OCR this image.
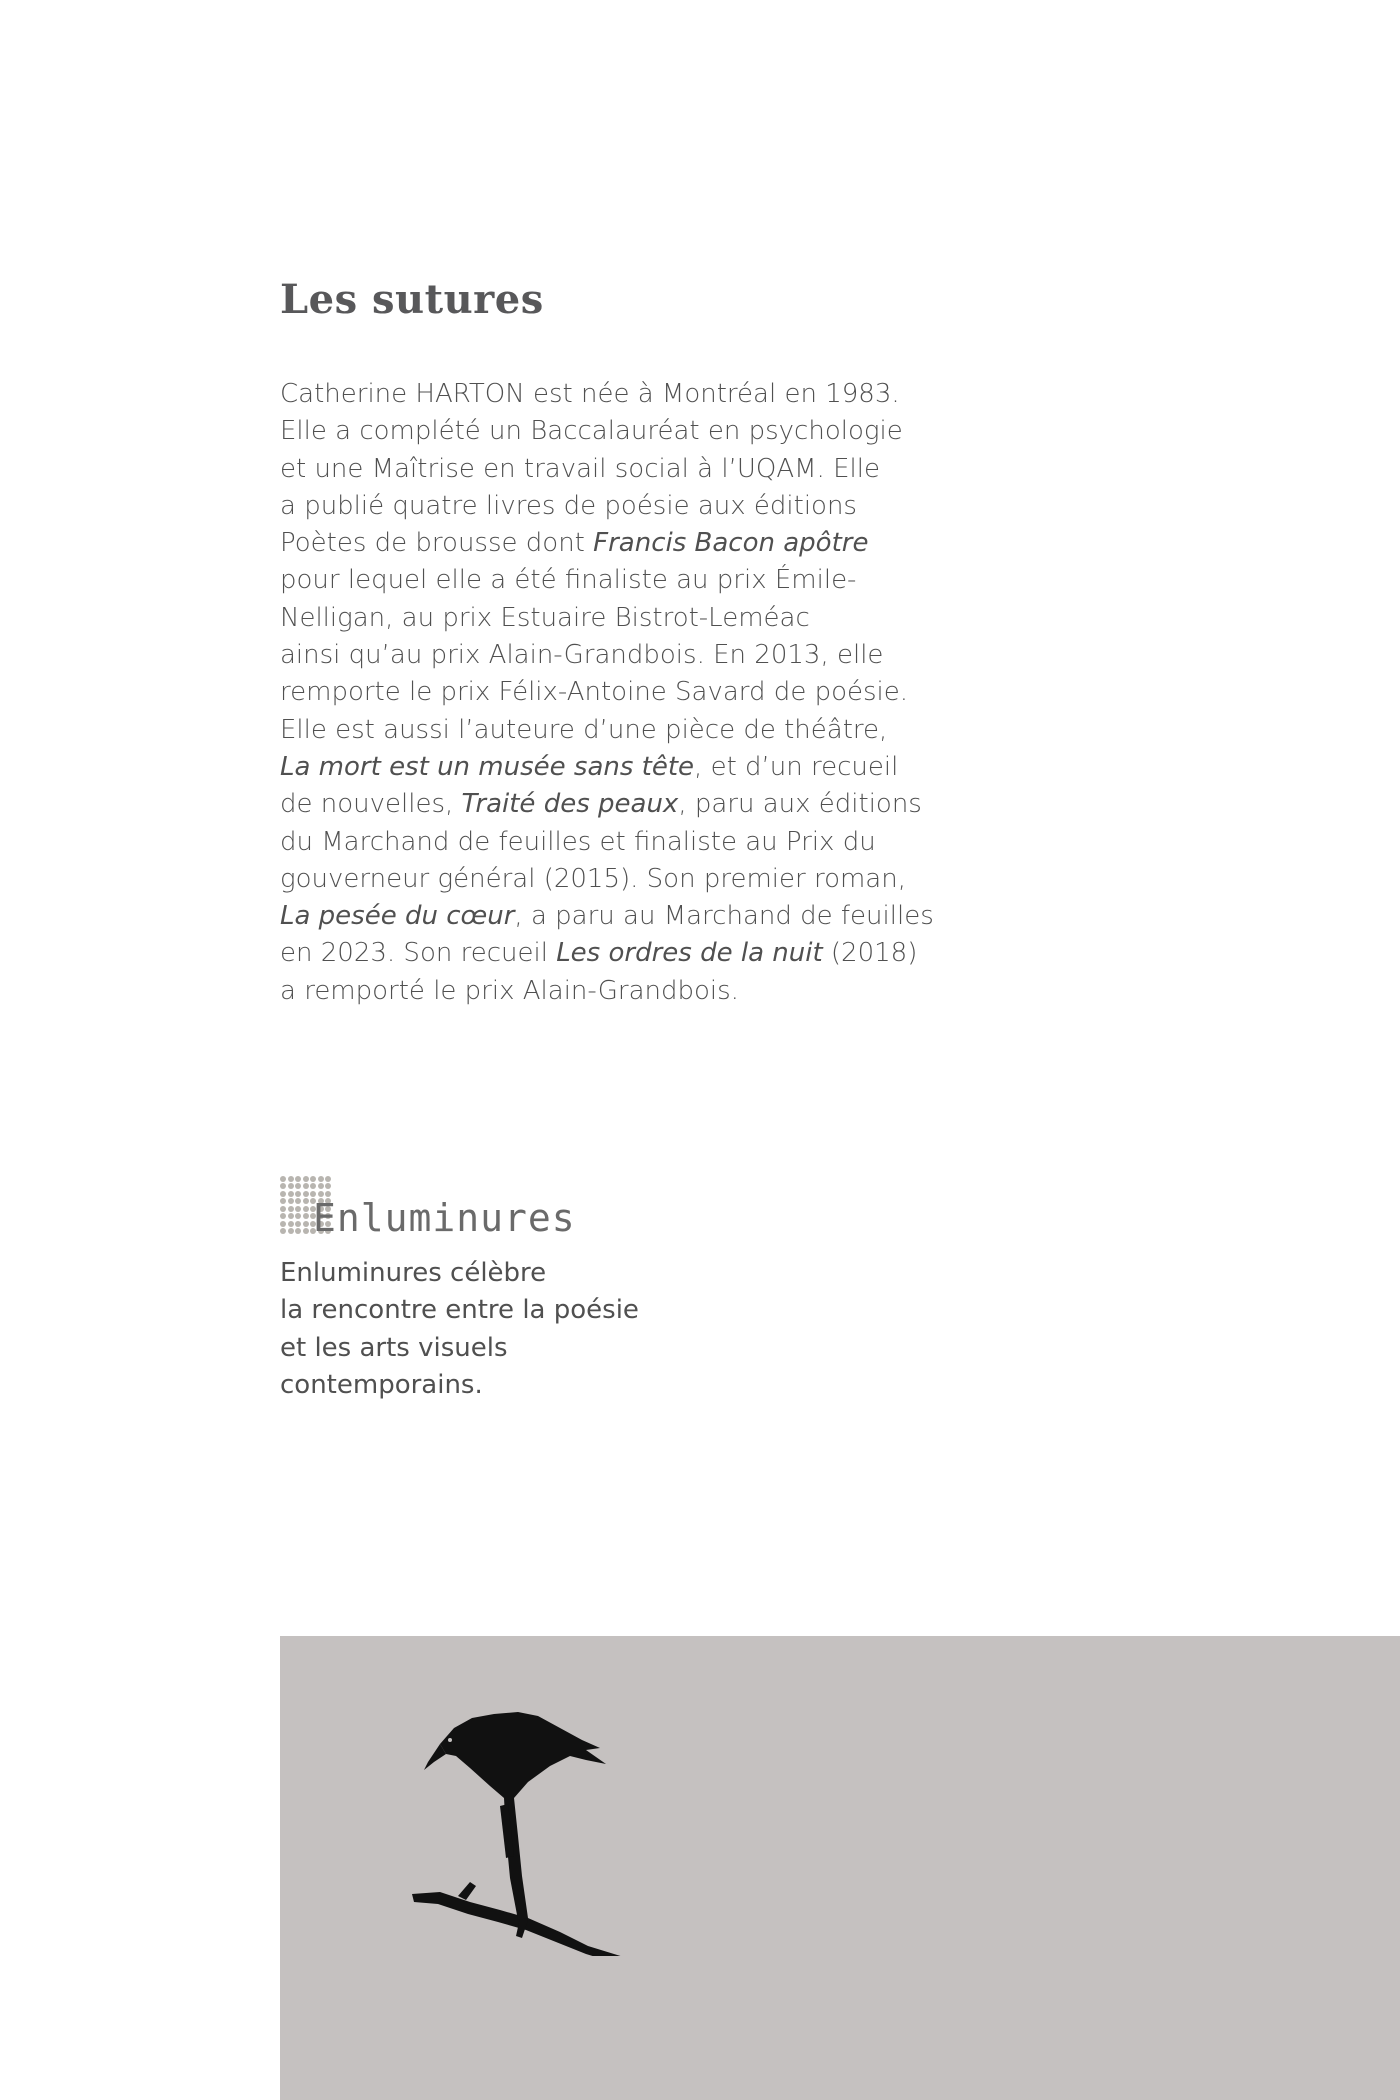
Les sutures
Catherine HARTON est née à Montréal en 1983.
Elle a complété un Baccalauréat en psychologie
et une Maîtrise en travail social à l’UQAM. Elle
a publié quatre livres de poésie aux éditions
Poètes de brousse dont Francis Bacon apôtre
pour lequel elle a été finaliste au prix Émile-
Nelligan, au prix Estuaire Bistrot-Leméac
ainsi qu’au prix Alain-Grandbois. En 2013, elle
remporte le prix Félix-Antoine Savard de poésie.
Elle est aussi l’auteure d’une pièce de théâtre,
La mort est un musée sans tête, et d’un recueil
de nouvelles, Traité des peaux, paru aux éditions
du Marchand de feuilles et finaliste au Prix du
gouverneur général (2015). Son premier roman,
La pesée du cœur, a paru au Marchand de feuilles
en 2023. Son recueil Les ordres de la nuit (2018)
a remporté le prix Alain-Grandbois.
Enluminures
Enluminures célèbre
la rencontre entre la poésie
et les arts visuels
contemporains.
